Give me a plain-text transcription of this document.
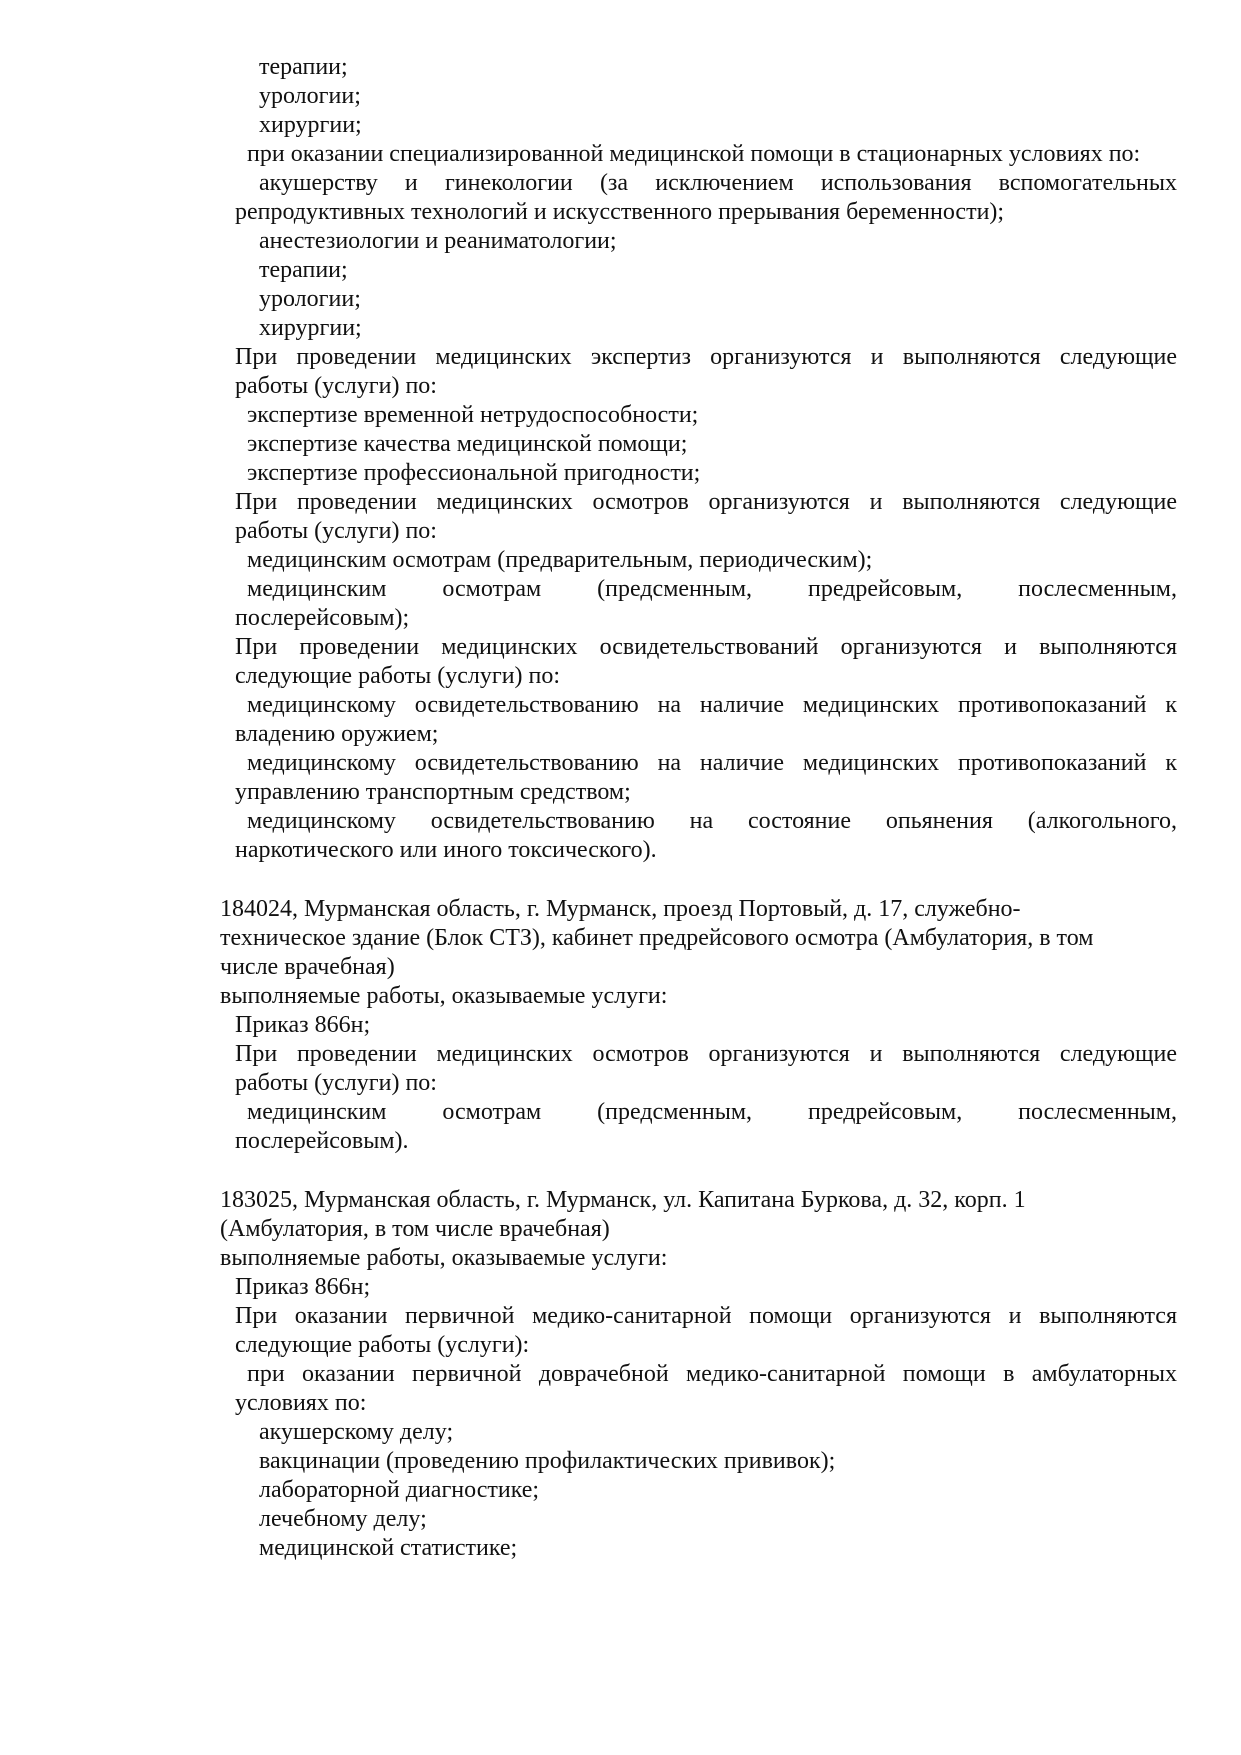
терапии;

урологии;

хирургии;

при оказании специализированной медицинской помощи в стационарных условиях по:

акушерству и гинекологии (за исключением использования вспомогательных

репродуктивных технологий и искусственного прерывания беременности);

анестезиологии и реаниматологии;

терапии;

урологии;

хирургии;

При проведении медицинских экспертиз организуются и выполняются следующие

работы (услуги) по:

экспертизе временной нетрудоспособности;

экспертизе качества медицинской помощи;

экспертизе профессиональной пригодности;

При проведении медицинских осмотров организуются и выполняются следующие

работы (услуги) по:

медицинским осмотрам (предварительным, периодическим);

медицинским осмотрам (предсменным, предрейсовым, послесменным,

послерейсовым);

При проведении медицинских освидетельствований организуются и выполняются

следующие работы (услуги) по:

медицинскому освидетельствованию на наличие медицинских противопоказаний к

владению оружием;

медицинскому освидетельствованию на наличие медицинских противопоказаний к

управлению транспортным средством;

медицинскому освидетельствованию на состояние опьянения (алкогольного,

наркотического или иного токсического).

184024, Мурманская область, г. Мурманск, проезд Портовый, д. 17, служебно-

техническое здание (Блок СТЗ), кабинет предрейсового осмотра (Амбулатория, в том

числе врачебная)

выполняемые работы, оказываемые услуги:

Приказ 866н;

При проведении медицинских осмотров организуются и выполняются следующие

работы (услуги) по:

медицинским осмотрам (предсменным, предрейсовым, послесменным,

послерейсовым).

183025, Мурманская область, г. Мурманск, ул. Капитана Буркова, д. 32, корп. 1

(Амбулатория, в том числе врачебная)

выполняемые работы, оказываемые услуги:

Приказ 866н;

При оказании первичной медико-санитарной помощи организуются и выполняются

следующие работы (услуги):

при оказании первичной доврачебной медико-санитарной помощи в амбулаторных

условиях по:

акушерскому делу;

вакцинации (проведению профилактических прививок);

лабораторной диагностике;

лечебному делу;

медицинской статистике;
